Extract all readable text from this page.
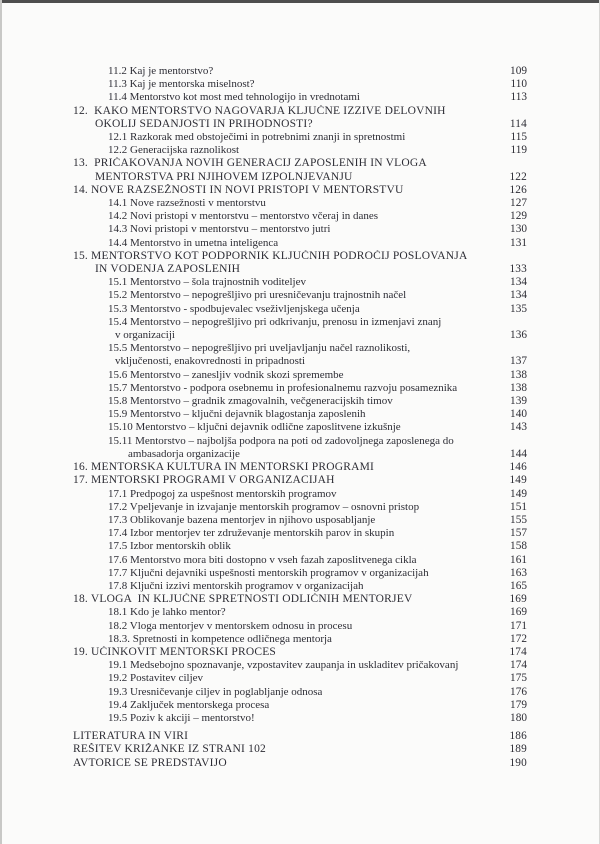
11.2 Kaj je mentorstvo?	109
11.3 Kaj je mentorska miselnost?	110
11.4 Mentorstvo kot most med tehnologijo in vrednotami	113
12.  KAKO MENTORSTVO NAGOVARJA KLJUČNE IZZIVE DELOVNIH
OKOLIJ SEDANJOSTI IN PRIHODNOSTI?	114
12.1 Razkorak med obstoječimi in potrebnimi znanji in spretnostmi	115
12.2 Generacijska raznolikost	119
13.  PRIČAKOVANJA NOVIH GENERACIJ ZAPOSLENIH IN VLOGA
MENTORSTVA PRI NJIHOVEM IZPOLNJEVANJU	122
14. NOVE RAZSEŽNOSTI IN NOVI PRISTOPI V MENTORSTVU	126
14.1 Nove razsežnosti v mentorstvu	127
14.2 Novi pristopi v mentorstvu – mentorstvo včeraj in danes	129
14.3 Novi pristopi v mentorstvu – mentorstvo jutri	130
14.4 Mentorstvo in umetna inteligenca	131
15. MENTORSTVO KOT PODPORNIK KLJUČNIH PODROČIJ POSLOVANJA
IN VODENJA ZAPOSLENIH	133
15.1 Mentorstvo – šola trajnostnih voditeljev	134
15.2 Mentorstvo – nepogrešljivo pri uresničevanju trajnostnih načel	134
15.3 Mentorstvo - spodbujevalec vseživljenjskega učenja	135
15.4 Mentorstvo – nepogrešljivo pri odkrivanju, prenosu in izmenjavi znanj
v organizaciji	136
15.5 Mentorstvo – nepogrešljivo pri uveljavljanju načel raznolikosti,
vključenosti, enakovrednosti in pripadnosti	137
15.6 Mentorstvo – zanesljiv vodnik skozi spremembe	138
15.7 Mentorstvo - podpora osebnemu in profesionalnemu razvoju posameznika	138
15.8 Mentorstvo – gradnik zmagovalnih, večgeneracijskih timov	139
15.9 Mentorstvo – ključni dejavnik blagostanja zaposlenih	140
15.10 Mentorstvo – ključni dejavnik odlične zaposlitvene izkušnje	143
15.11 Mentorstvo – najboljša podpora na poti od zadovoljnega zaposlenega do
ambasadorja organizacije	144
16. MENTORSKA KULTURA IN MENTORSKI PROGRAMI	146
17. MENTORSKI PROGRAMI V ORGANIZACIJAH	149
17.1 Predpogoj za uspešnost mentorskih programov	149
17.2 Vpeljevanje in izvajanje mentorskih programov – osnovni pristop	151
17.3 Oblikovanje bazena mentorjev in njihovo usposabljanje	155
17.4 Izbor mentorjev ter združevanje mentorskih parov in skupin	157
17.5 Izbor mentorskih oblik	158
17.6 Mentorstvo mora biti dostopno v vseh fazah zaposlitvenega cikla	161
17.7 Ključni dejavniki uspešnosti mentorskih programov v organizacijah	163
17.8 Ključni izzivi mentorskih programov v organizacijah	165
18. VLOGA  IN KLJUČNE SPRETNOSTI ODLIČNIH MENTORJEV	169
18.1 Kdo je lahko mentor?	169
18.2 Vloga mentorjev v mentorskem odnosu in procesu	171
18.3. Spretnosti in kompetence odličnega mentorja	172
19. UČINKOVIT MENTORSKI PROCES	174
19.1 Medsebojno spoznavanje, vzpostavitev zaupanja in uskladitev pričakovanj	174
19.2 Postavitev ciljev	175
19.3 Uresničevanje ciljev in poglabljanje odnosa	176
19.4 Zaključek mentorskega procesa	179
19.5 Poziv k akciji – mentorstvo!	180
LITERATURA IN VIRI	186
REŠITEV KRIŽANKE IZ STRANI 102	189
AVTORICE SE PREDSTAVIJO	190
